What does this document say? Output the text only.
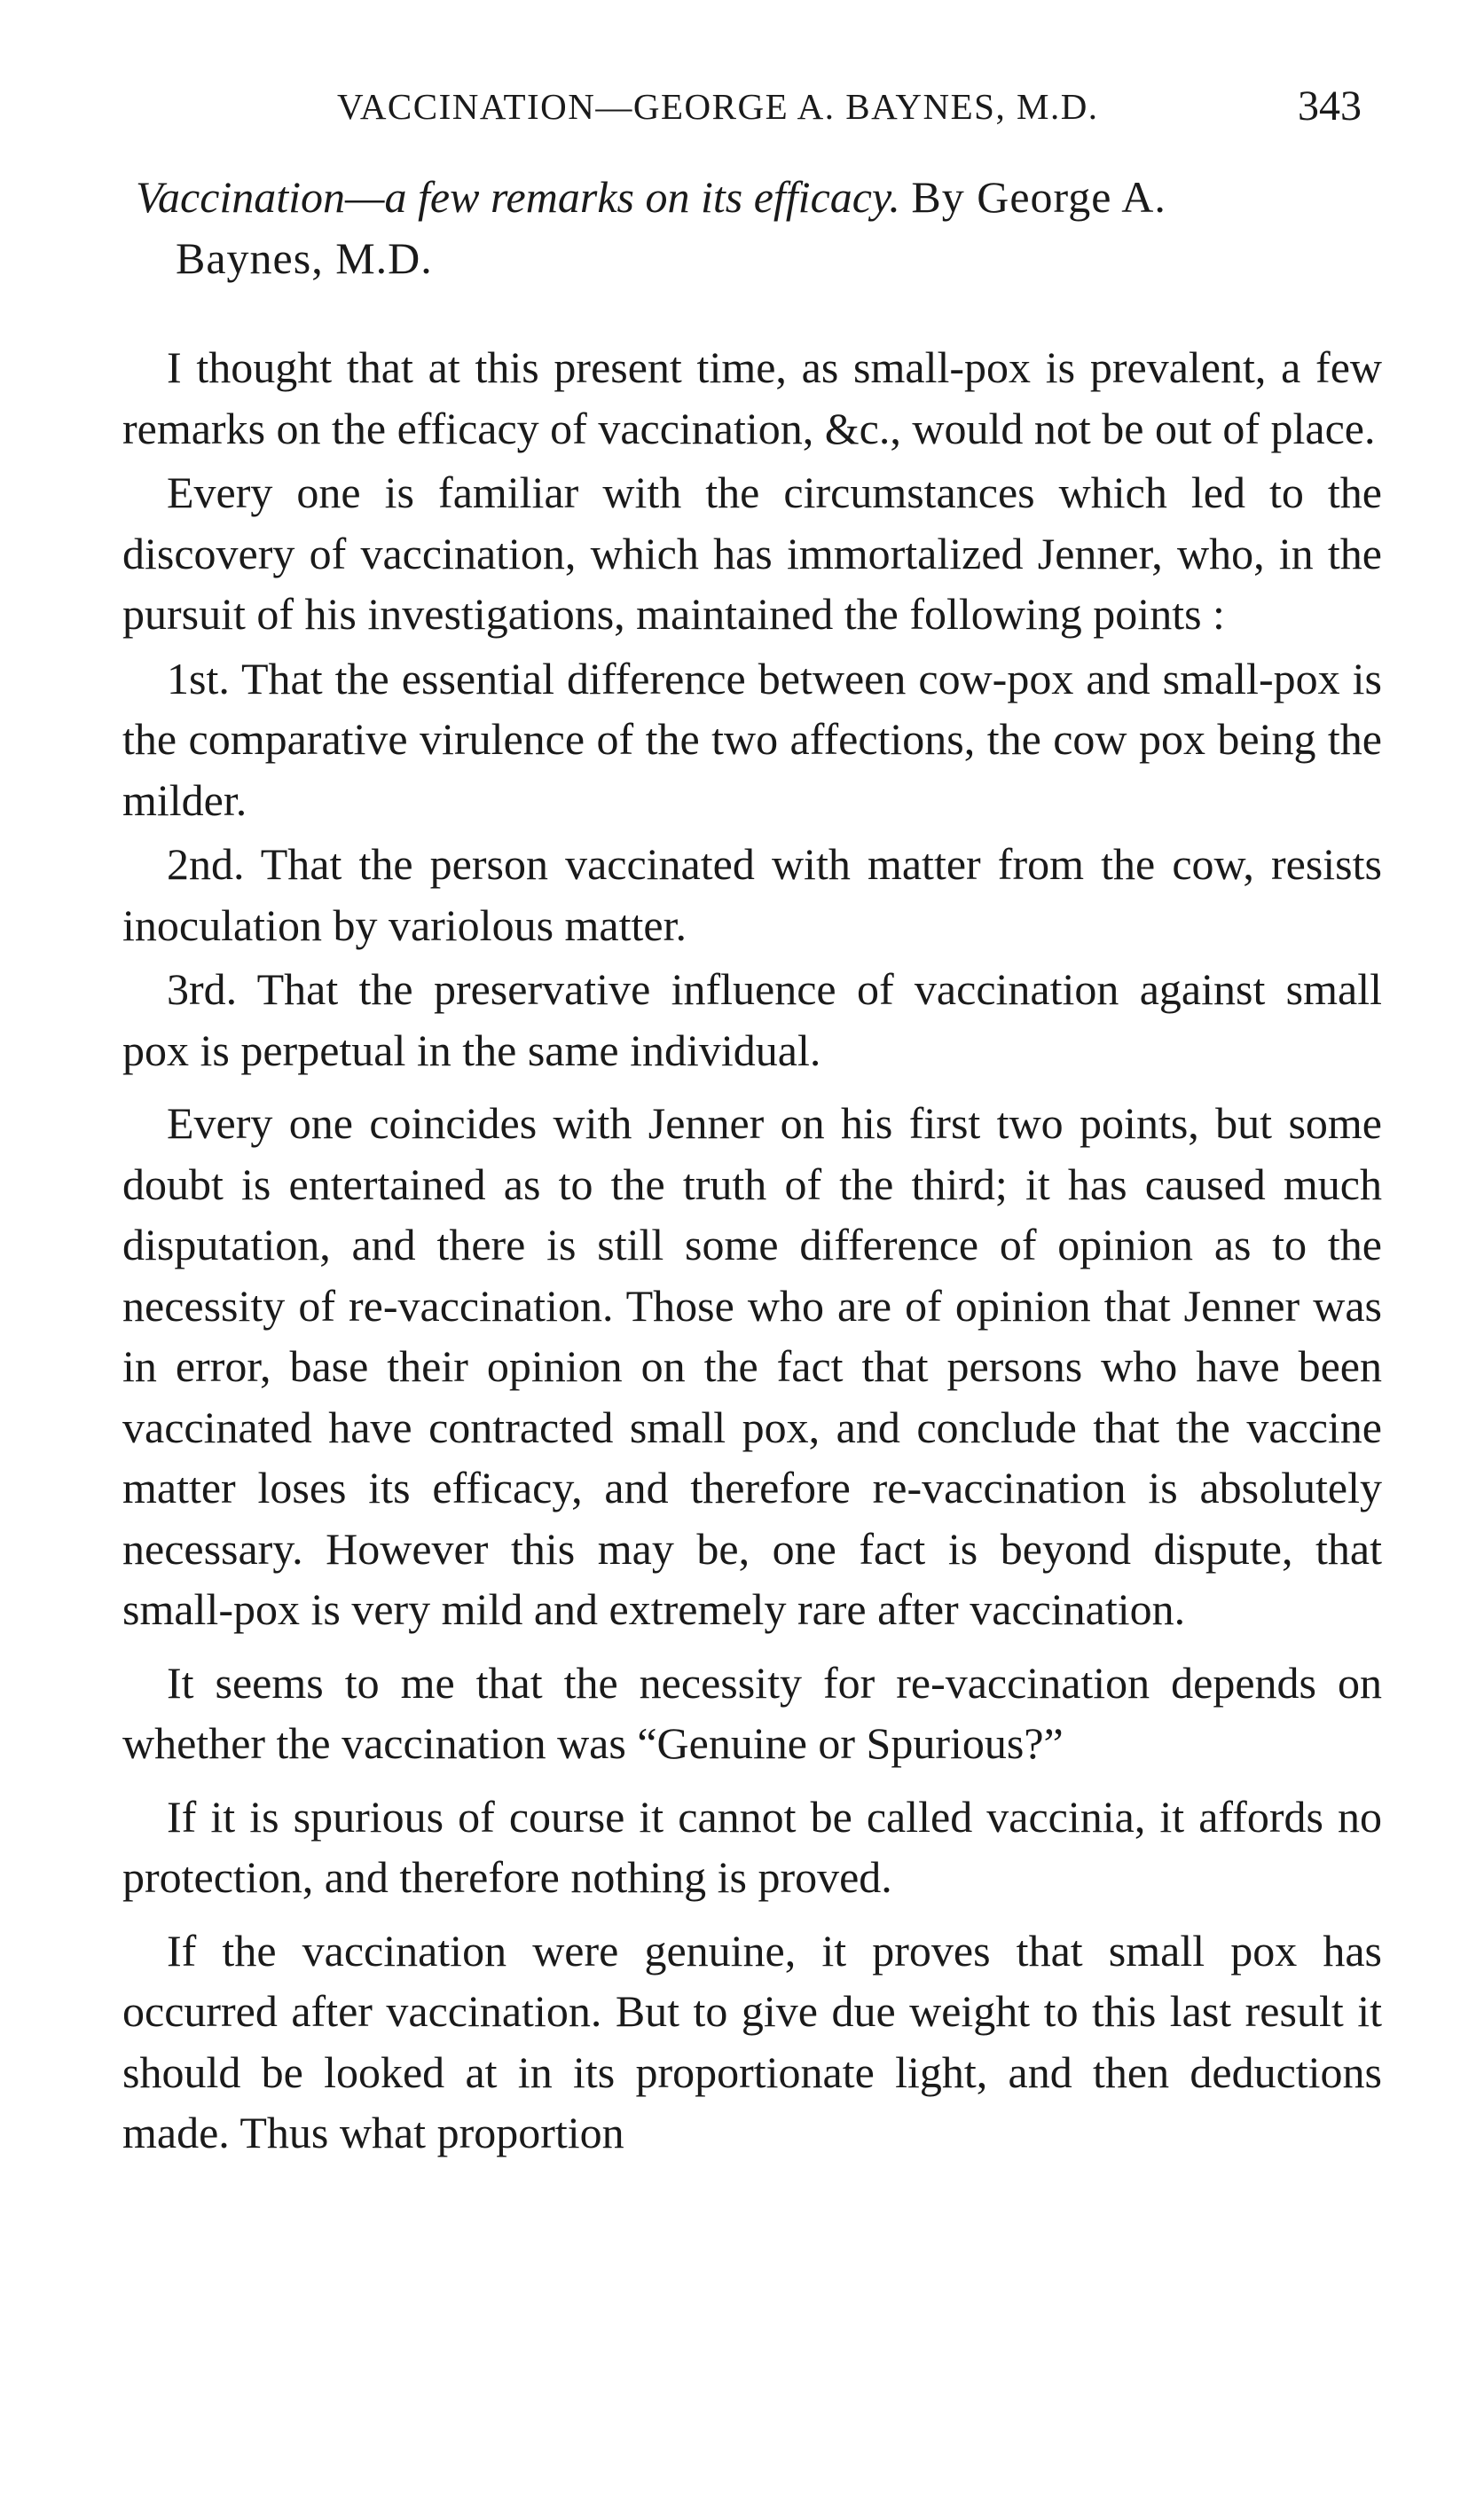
VACCINATION—GEORGE A. BAYNES, M.D.	343

Vaccination—a few remarks on its efficacy. By George A.
Baynes, M.D.

I thought that at this present time, as small-pox is prevalent, a few remarks on the efficacy of vaccination, &c., would not be out of place.

Every one is familiar with the circumstances which led to the discovery of vaccination, which has immortalized Jenner, who, in the pursuit of his investigations, maintained the following points :

1st. That the essential difference between cow-pox and small-pox is the comparative virulence of the two affections, the cow pox being the milder.

2nd. That the person vaccinated with matter from the cow, resists inoculation by variolous matter.

3rd. That the preservative influence of vaccination against small pox is perpetual in the same individual.

Every one coincides with Jenner on his first two points, but some doubt is entertained as to the truth of the third; it has caused much disputation, and there is still some difference of opinion as to the necessity of re-vaccination. Those who are of opinion that Jenner was in error, base their opinion on the fact that persons who have been vaccinated have contracted small pox, and conclude that the vaccine matter loses its efficacy, and therefore re-vaccination is absolutely necessary. However this may be, one fact is beyond dispute, that small-pox is very mild and extremely rare after vaccination.

It seems to me that the necessity for re-vaccination depends on whether the vaccination was “Genuine or Spurious?”

If it is spurious of course it cannot be called vaccinia, it affords no protection, and therefore nothing is proved.

If the vaccination were genuine, it proves that small pox has occurred after vaccination. But to give due weight to this last result it should be looked at in its proportionate light, and then deductions made. Thus what proportion
